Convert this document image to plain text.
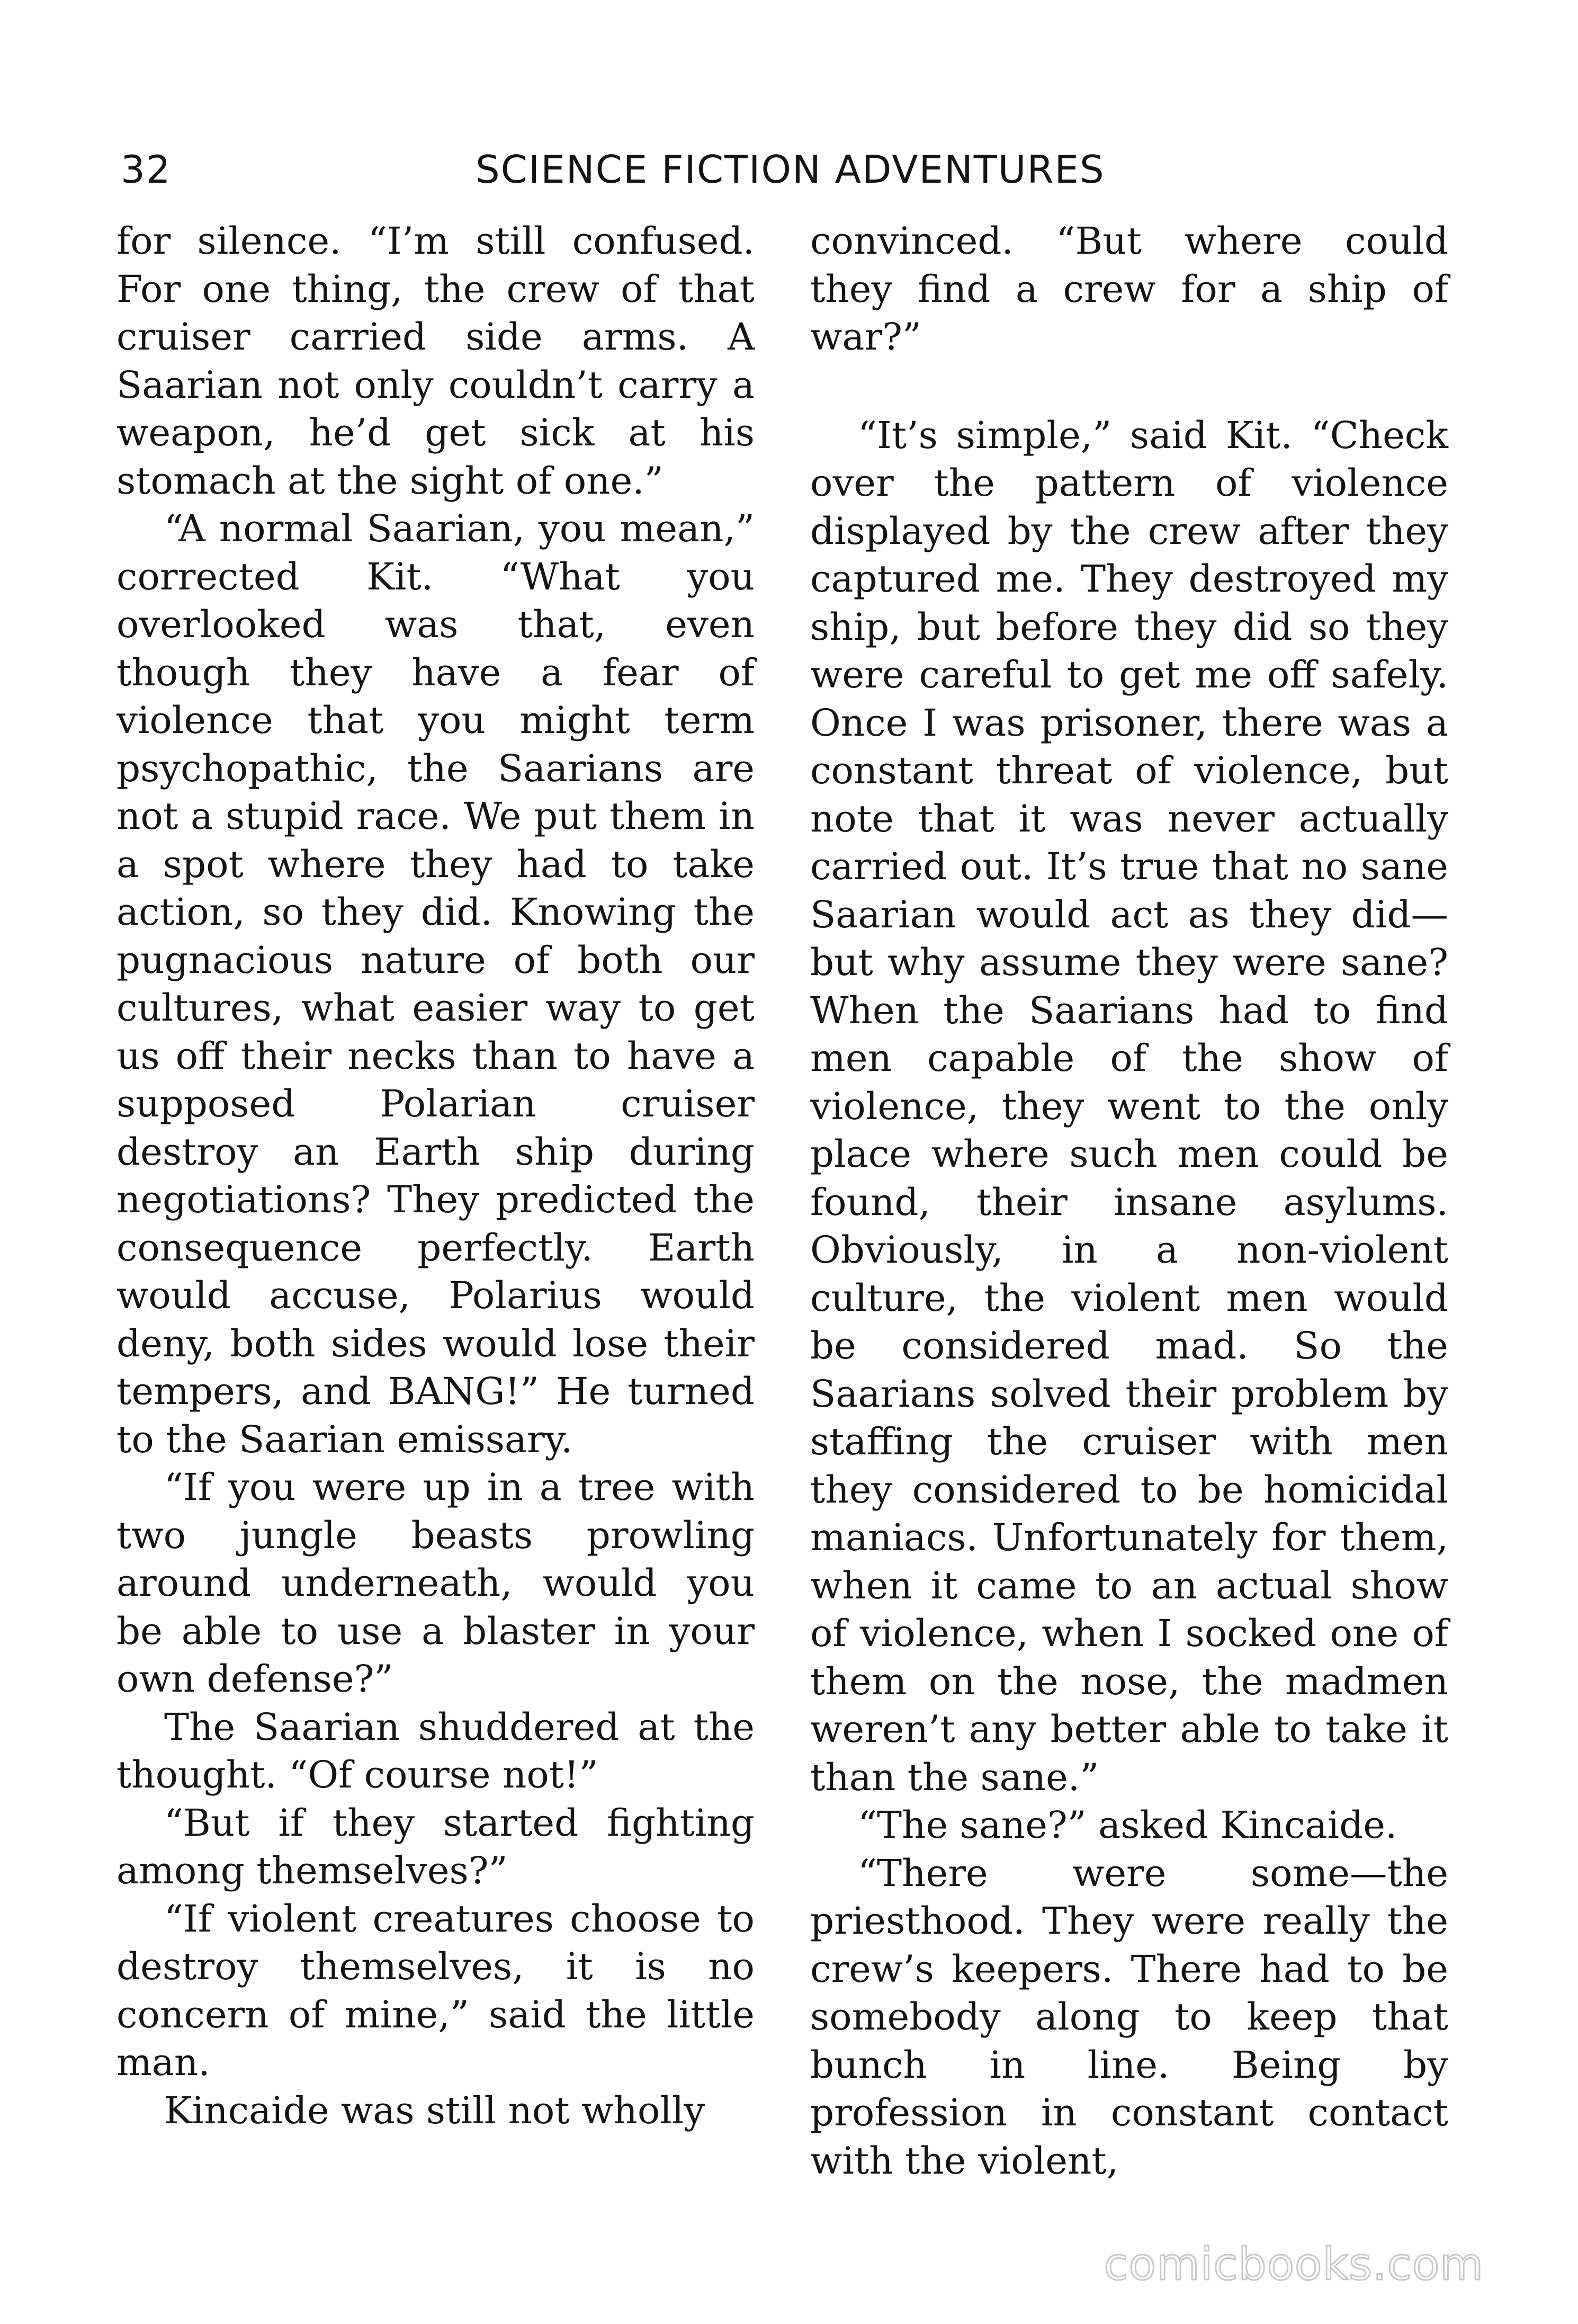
32	SCIENCE FICTION ADVENTURES

for silence. “I’m still confused. For one thing, the crew of that cruiser carried side arms. A Saarian not only couldn’t carry a weapon, he’d get sick at his stomach at the sight of one.”

“A normal Saarian, you mean,” corrected Kit. “What you overlooked was that, even though they have a fear of violence that you might term psychopathic, the Saarians are not a stupid race. We put them in a spot where they had to take action, so they did. Knowing the pugnacious nature of both our cultures, what easier way to get us off their necks than to have a supposed Polarian cruiser destroy an Earth ship during negotiations? They predicted the consequence perfectly. Earth would accuse, Polarius would deny, both sides would lose their tempers, and BANG!” He turned to the Saarian emissary.

“If you were up in a tree with two jungle beasts prowling around underneath, would you be able to use a blaster in your own defense?”

The Saarian shuddered at the thought. “Of course not!”

“But if they started fighting among themselves?”

“If violent creatures choose to destroy themselves, it is no concern of mine,” said the little man.

Kincaide was still not wholly

convinced. “But where could they find a crew for a ship of war?”

“It’s simple,” said Kit. “Check over the pattern of violence displayed by the crew after they captured me. They destroyed my ship, but before they did so they were careful to get me off safely. Once I was prisoner, there was a constant threat of violence, but note that it was never actually carried out. It’s true that no sane Saarian would act as they did—but why assume they were sane? When the Saarians had to find men capable of the show of violence, they went to the only place where such men could be found, their insane asylums. Obviously, in a non-violent culture, the violent men would be considered mad. So the Saarians solved their problem by staffing the cruiser with men they considered to be homicidal maniacs. Unfortunately for them, when it came to an actual show of violence, when I socked one of them on the nose, the madmen weren’t any better able to take it than the sane.”

“The sane?” asked Kincaide.

“There were some—the priesthood. They were really the crew’s keepers. There had to be somebody along to keep that bunch in line. Being by profession in constant contact with the violent,

comicbooks.com
